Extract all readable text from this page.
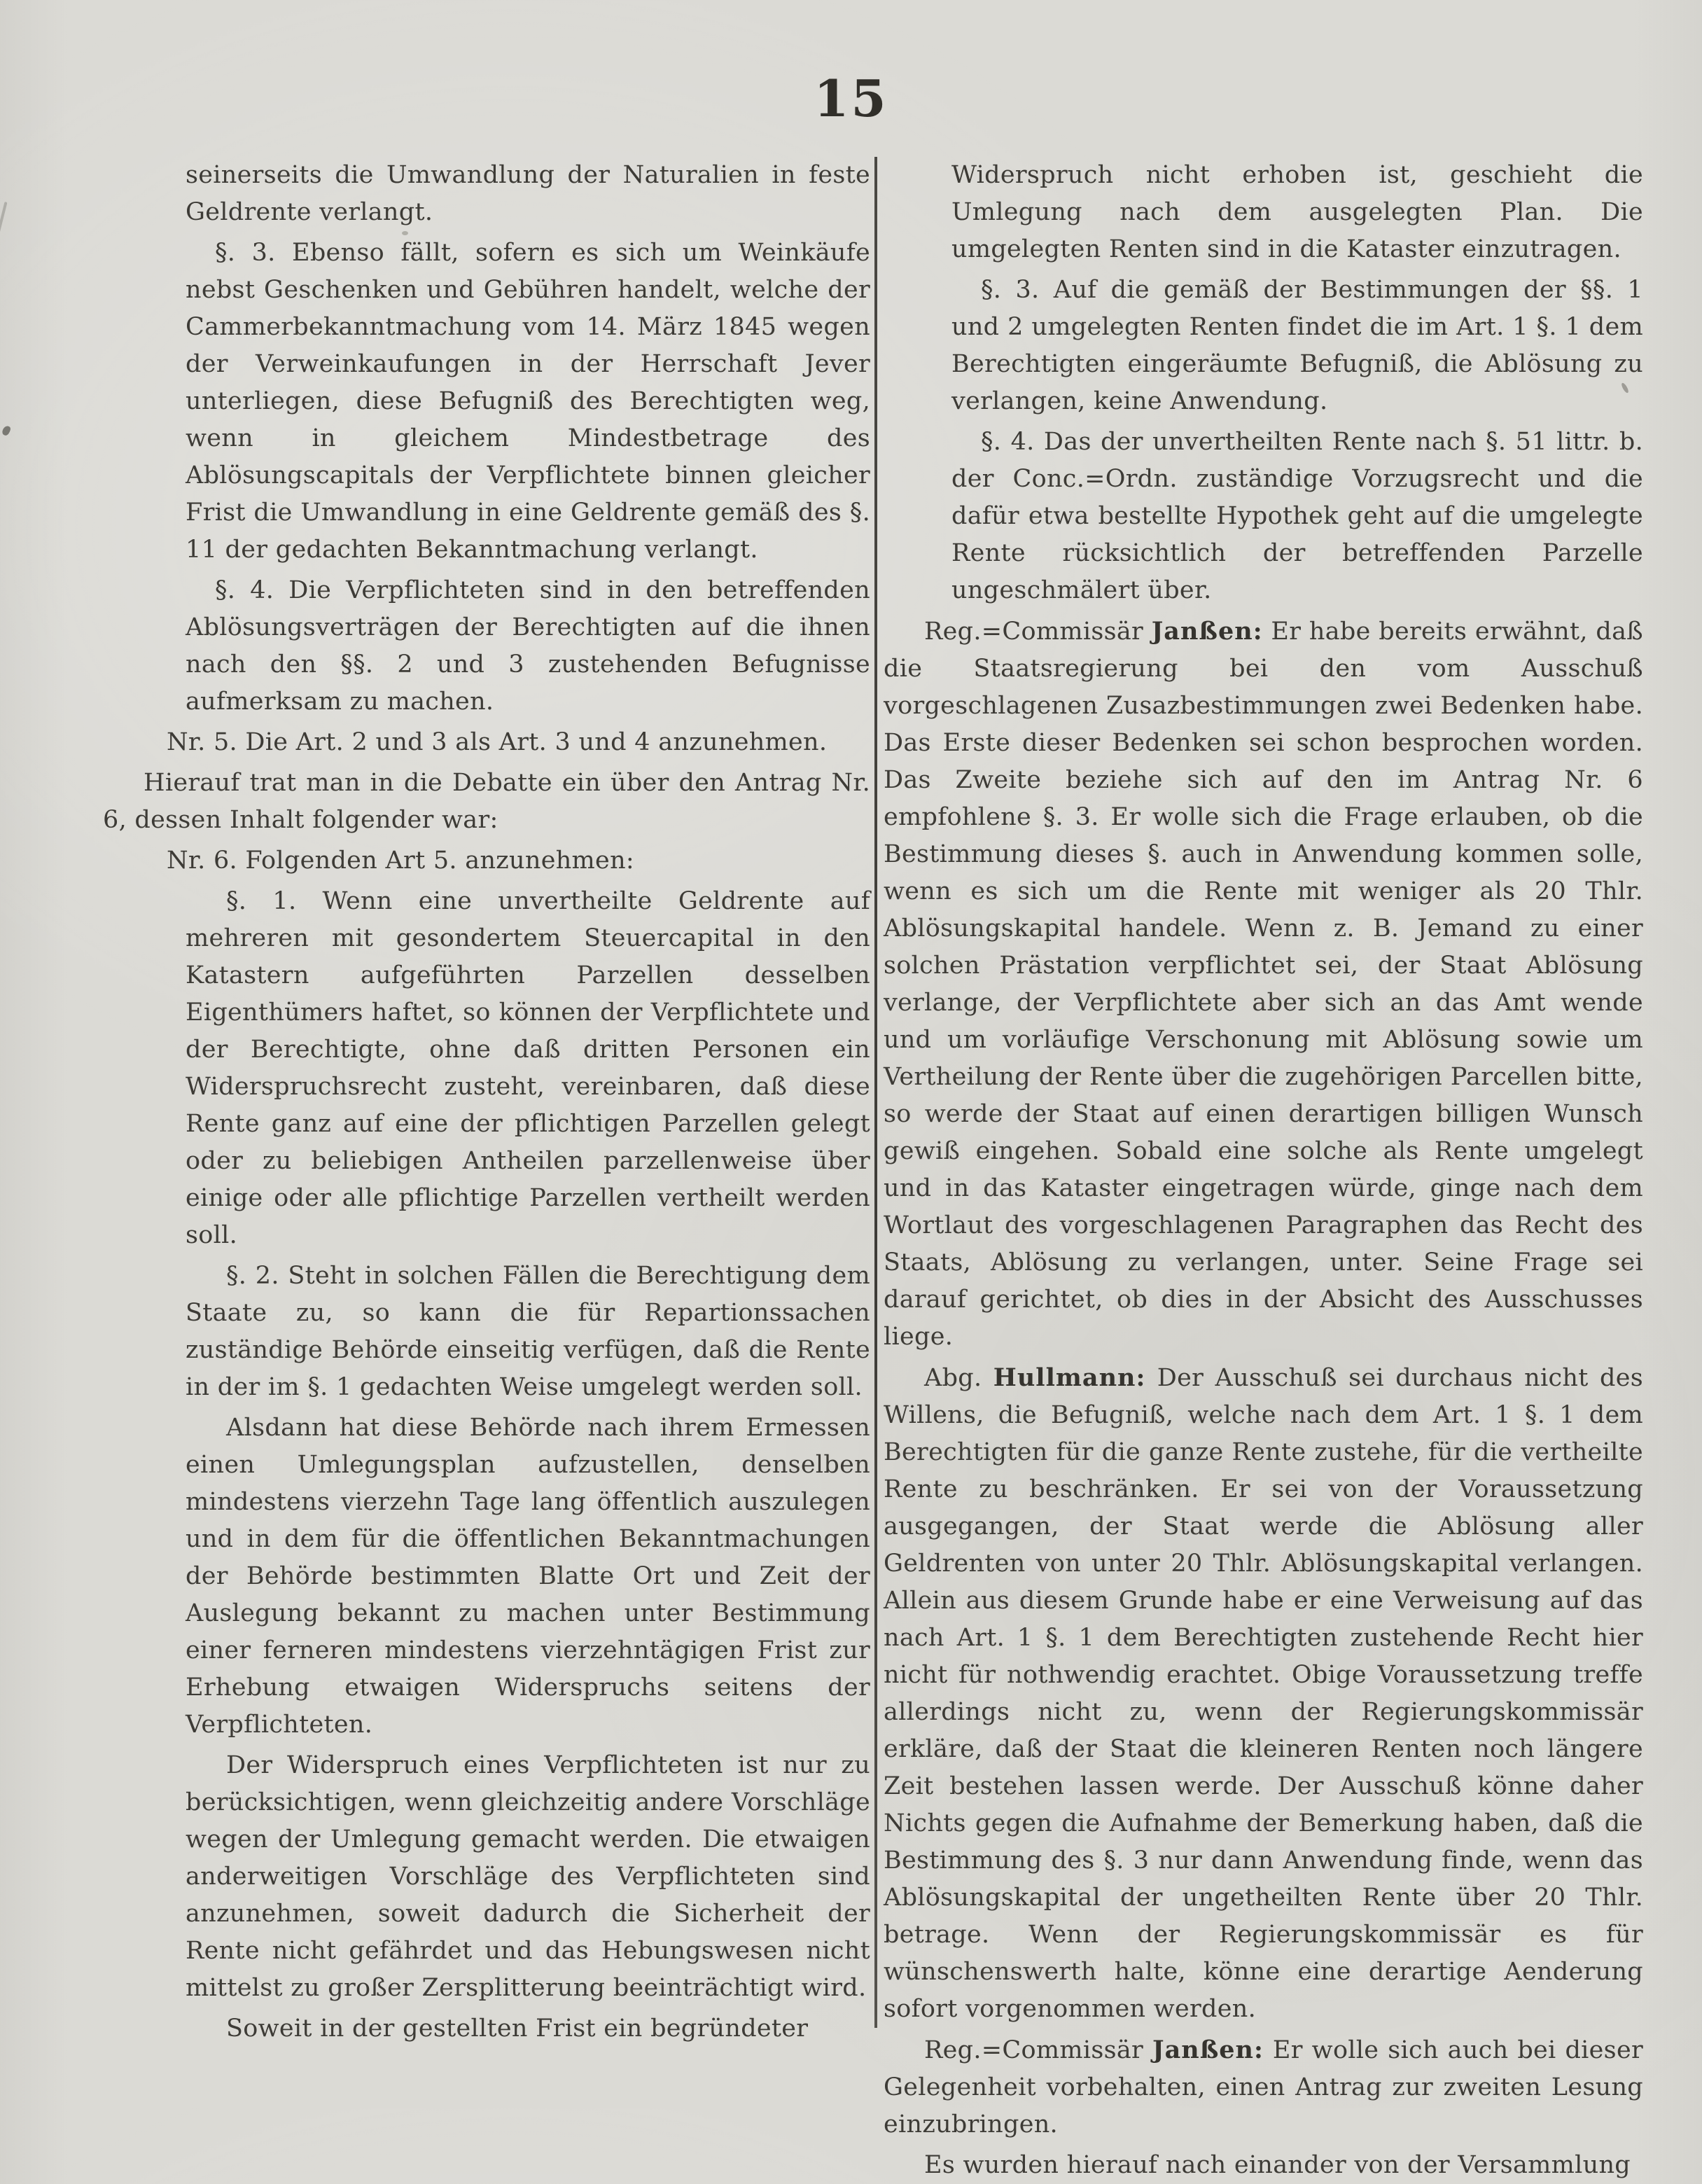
15

seinerseits die Umwandlung der Naturalien in feste Geldrente verlangt.

§. 3. Ebenso fällt, sofern es sich um Weinkäufe nebst Geschenken und Gebühren handelt, welche der Cammerbekanntmachung vom 14. März 1845 wegen der Verweinkaufungen in der Herrschaft Jever unterliegen, diese Befugniß des Berechtigten weg, wenn in gleichem Mindestbetrage des Ablösungscapitals der Verpflichtete binnen gleicher Frist die Umwandlung in eine Geldrente gemäß des §. 11 der gedachten Bekanntmachung verlangt.

§. 4. Die Verpflichteten sind in den betreffenden Ablösungsverträgen der Berechtigten auf die ihnen nach den §§. 2 und 3 zustehenden Befugnisse aufmerksam zu machen.

Nr. 5. Die Art. 2 und 3 als Art. 3 und 4 anzunehmen.

Hierauf trat man in die Debatte ein über den Antrag Nr. 6, dessen Inhalt folgender war:

Nr. 6. Folgenden Art 5. anzunehmen:

§. 1. Wenn eine unvertheilte Geldrente auf mehreren mit gesondertem Steuercapital in den Katastern aufgeführten Parzellen desselben Eigenthümers haftet, so können der Verpflichtete und der Berechtigte, ohne daß dritten Personen ein Widerspruchsrecht zusteht, vereinbaren, daß diese Rente ganz auf eine der pflichtigen Parzellen gelegt oder zu beliebigen Antheilen parzellenweise über einige oder alle pflichtige Parzellen vertheilt werden soll.

§. 2. Steht in solchen Fällen die Berechtigung dem Staate zu, so kann die für Repartionssachen zuständige Behörde einseitig verfügen, daß die Rente in der im §. 1 gedachten Weise umgelegt werden soll.

Alsdann hat diese Behörde nach ihrem Ermessen einen Umlegungsplan aufzustellen, denselben mindestens vierzehn Tage lang öffentlich auszulegen und in dem für die öffentlichen Bekanntmachungen der Behörde bestimmten Blatte Ort und Zeit der Auslegung bekannt zu machen unter Bestimmung einer ferneren mindestens vierzehntägigen Frist zur Erhebung etwaigen Widerspruchs seitens der Verpflichteten.

Der Widerspruch eines Verpflichteten ist nur zu berücksichtigen, wenn gleichzeitig andere Vorschläge wegen der Umlegung gemacht werden. Die etwaigen anderweitigen Vorschläge des Verpflichteten sind anzunehmen, soweit dadurch die Sicherheit der Rente nicht gefährdet und das Hebungswesen nicht mittelst zu großer Zersplitterung beeinträchtigt wird.

Soweit in der gestellten Frist ein begründeter

Widerspruch nicht erhoben ist, geschieht die Umlegung nach dem ausgelegten Plan. Die umgelegten Renten sind in die Kataster einzutragen.

§. 3. Auf die gemäß der Bestimmungen der §§. 1 und 2 umgelegten Renten findet die im Art. 1 §. 1 dem Berechtigten eingeräumte Befugniß, die Ablösung zu verlangen, keine Anwendung.

§. 4. Das der unvertheilten Rente nach §. 51 littr. b. der Conc.=Ordn. zuständige Vorzugsrecht und die dafür etwa bestellte Hypothek geht auf die umgelegte Rente rücksichtlich der betreffenden Parzelle ungeschmälert über.

Reg.=Commissär Janßen: Er habe bereits erwähnt, daß die Staatsregierung bei den vom Ausschuß vorgeschlagenen Zusazbestimmungen zwei Bedenken habe. Das Erste dieser Bedenken sei schon besprochen worden. Das Zweite beziehe sich auf den im Antrag Nr. 6 empfohlene §. 3. Er wolle sich die Frage erlauben, ob die Bestimmung dieses §. auch in Anwendung kommen solle, wenn es sich um die Rente mit weniger als 20 Thlr. Ablösungskapital handele. Wenn z. B. Jemand zu einer solchen Prästation verpflichtet sei, der Staat Ablösung verlange, der Verpflichtete aber sich an das Amt wende und um vorläufige Verschonung mit Ablösung sowie um Vertheilung der Rente über die zugehörigen Parcellen bitte, so werde der Staat auf einen derartigen billigen Wunsch gewiß eingehen. Sobald eine solche als Rente umgelegt und in das Kataster eingetragen würde, ginge nach dem Wortlaut des vorgeschlagenen Paragraphen das Recht des Staats, Ablösung zu verlangen, unter. Seine Frage sei darauf gerichtet, ob dies in der Absicht des Ausschusses liege.

Abg. Hullmann: Der Ausschuß sei durchaus nicht des Willens, die Befugniß, welche nach dem Art. 1 §. 1 dem Berechtigten für die ganze Rente zustehe, für die vertheilte Rente zu beschränken. Er sei von der Voraussetzung ausgegangen, der Staat werde die Ablösung aller Geldrenten von unter 20 Thlr. Ablösungskapital verlangen. Allein aus diesem Grunde habe er eine Verweisung auf das nach Art. 1 §. 1 dem Berechtigten zustehende Recht hier nicht für nothwendig erachtet. Obige Voraussetzung treffe allerdings nicht zu, wenn der Regierungskommissär erkläre, daß der Staat die kleineren Renten noch längere Zeit bestehen lassen werde. Der Ausschuß könne daher Nichts gegen die Aufnahme der Bemerkung haben, daß die Bestimmung des §. 3 nur dann Anwendung finde, wenn das Ablösungskapital der ungetheilten Rente über 20 Thlr. betrage. Wenn der Regierungskommissär es für wünschenswerth halte, könne eine derartige Aenderung sofort vorgenommen werden.

Reg.=Commissär Janßen: Er wolle sich auch bei dieser Gelegenheit vorbehalten, einen Antrag zur zweiten Lesung einzubringen.

Es wurden hierauf nach einander von der Versammlung
